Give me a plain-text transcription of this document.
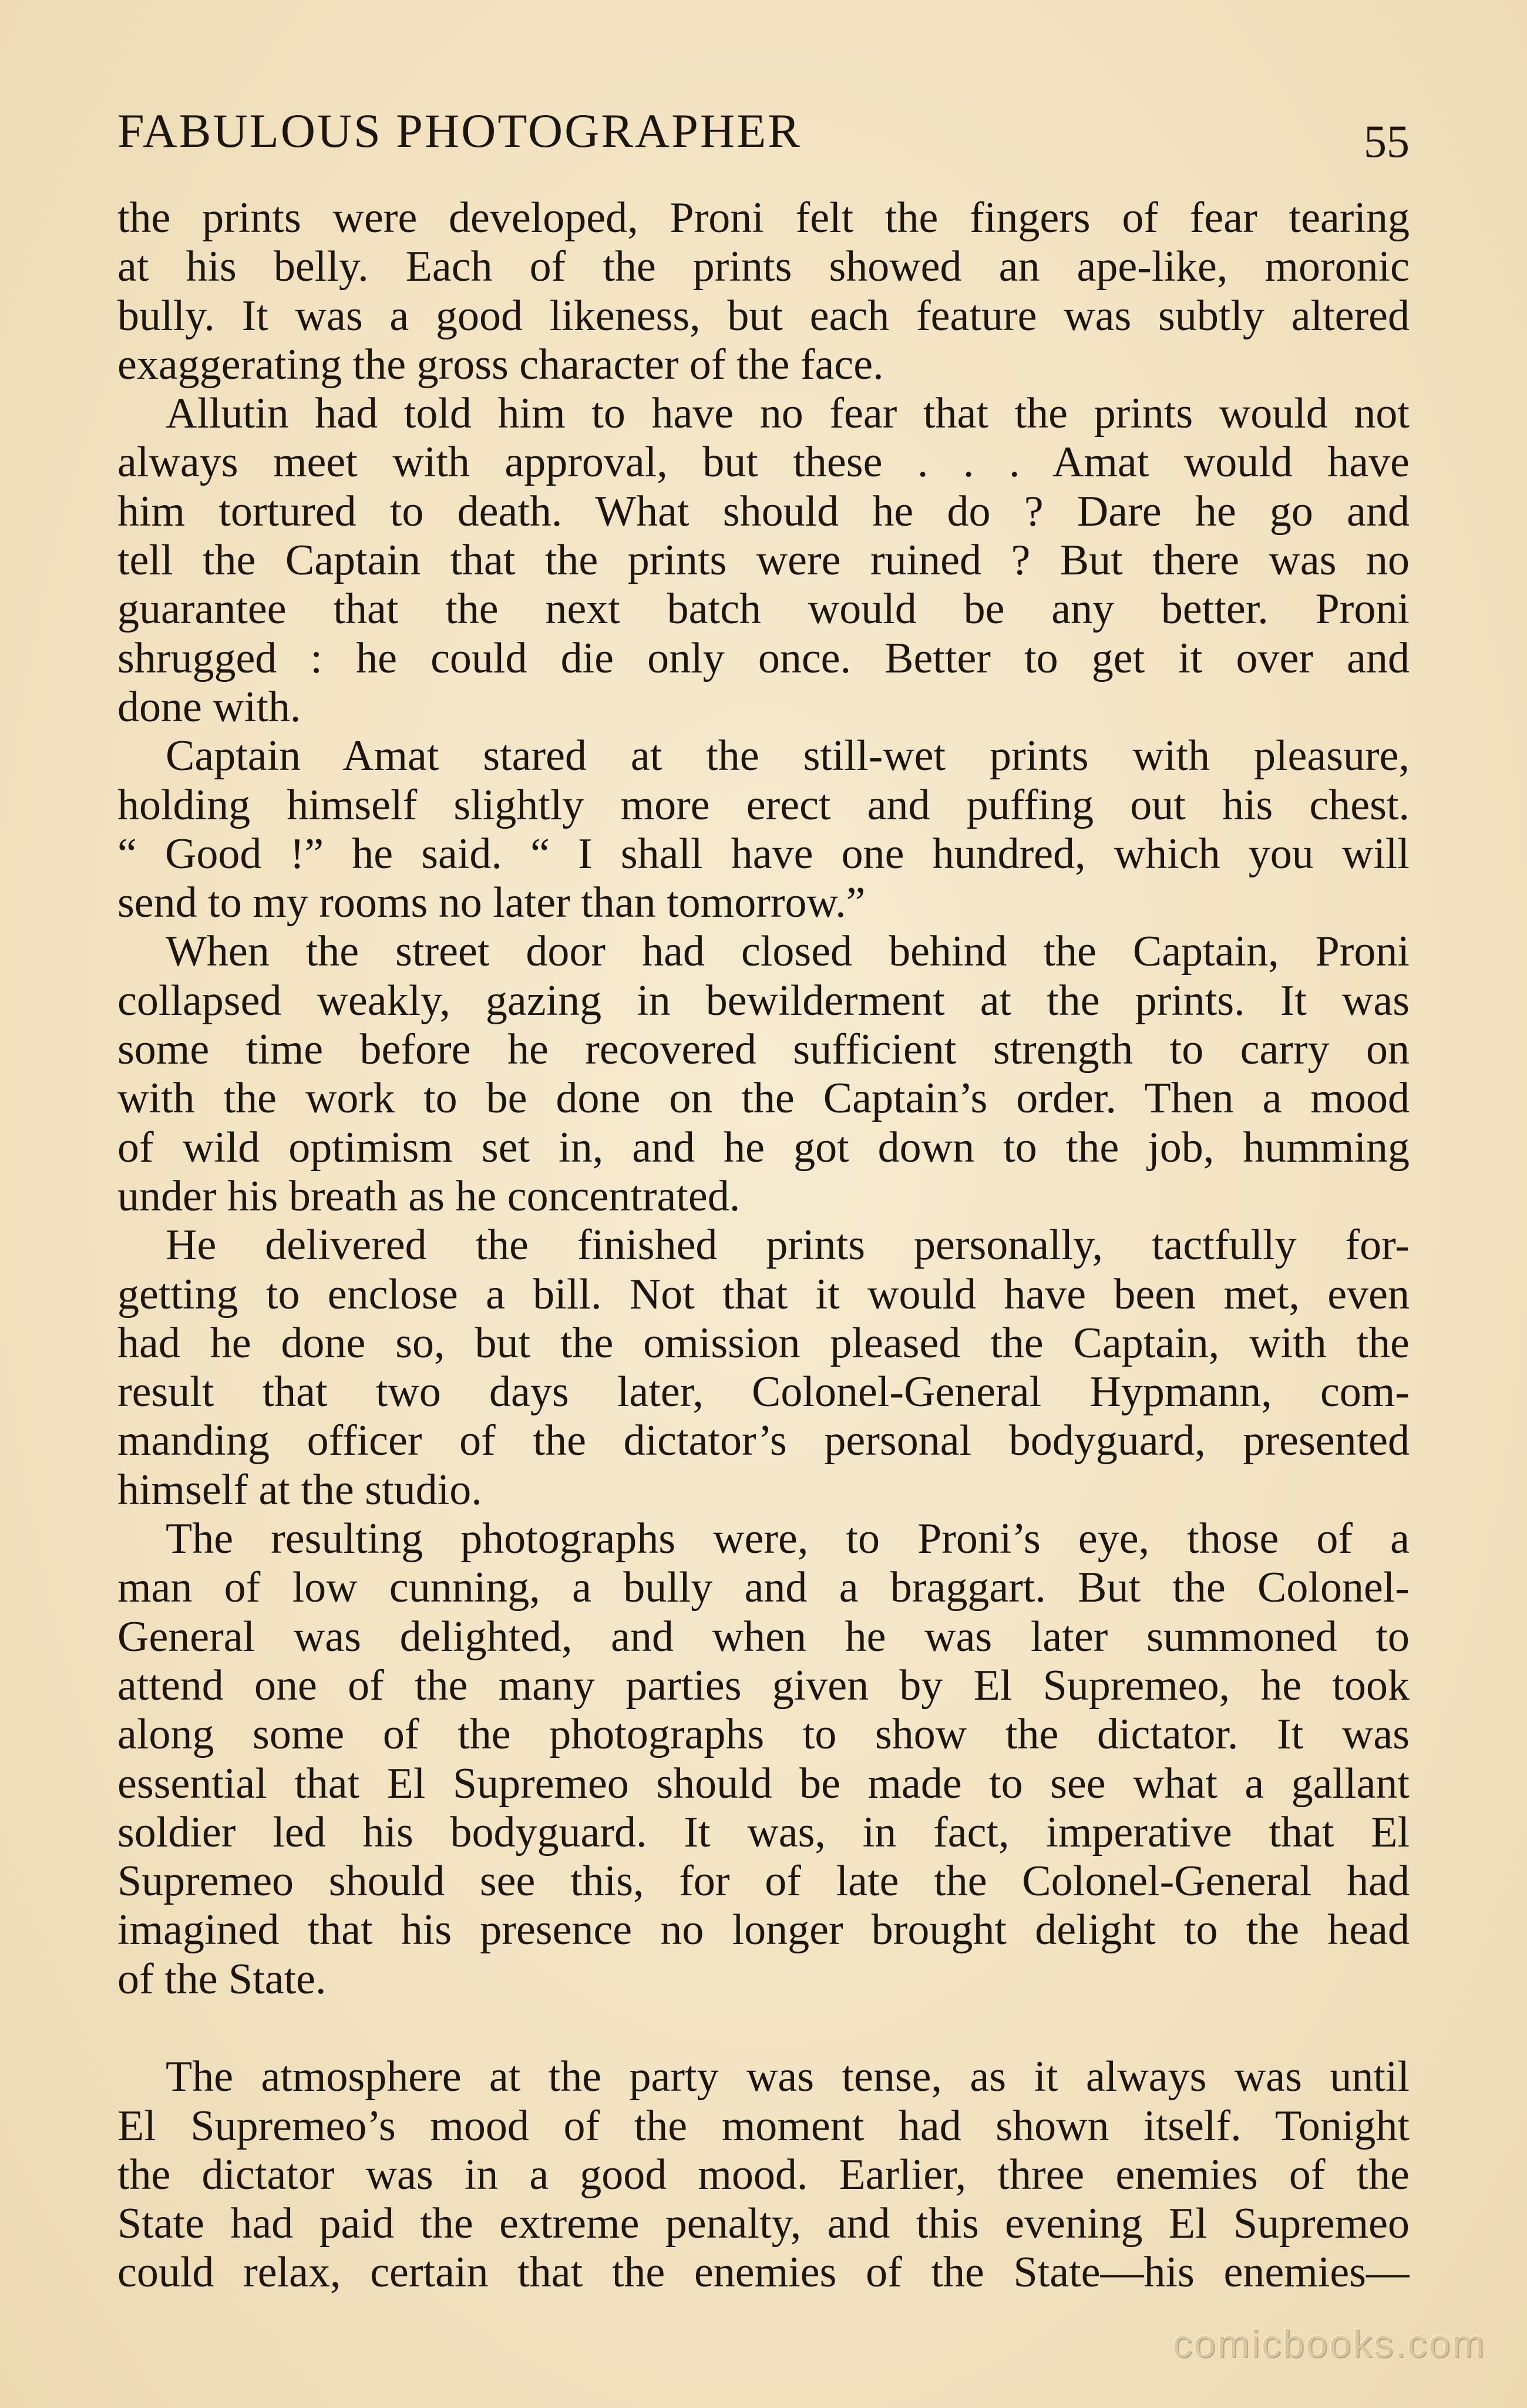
FABULOUS PHOTOGRAPHER	55
the prints were developed, Proni felt the fingers of fear tearing
at his belly. Each of the prints showed an ape-like, moronic
bully. It was a good likeness, but each feature was subtly altered
exaggerating the gross character of the face.
Allutin had told him to have no fear that the prints would not
always meet with approval, but these . . . Amat would have
him tortured to death. What should he do ? Dare he go and
tell the Captain that the prints were ruined ? But there was no
guarantee that the next batch would be any better. Proni
shrugged : he could die only once. Better to get it over and
done with.
Captain Amat stared at the still-wet prints with pleasure,
holding himself slightly more erect and puffing out his chest.
“ Good !” he said. “ I shall have one hundred, which you will
send to my rooms no later than tomorrow.”
When the street door had closed behind the Captain, Proni
collapsed weakly, gazing in bewilderment at the prints. It was
some time before he recovered sufficient strength to carry on
with the work to be done on the Captain’s order. Then a mood
of wild optimism set in, and he got down to the job, humming
under his breath as he concentrated.
He delivered the finished prints personally, tactfully for-
getting to enclose a bill. Not that it would have been met, even
had he done so, but the omission pleased the Captain, with the
result that two days later, Colonel-General Hypmann, com-
manding officer of the dictator’s personal bodyguard, presented
himself at the studio.
The resulting photographs were, to Proni’s eye, those of a
man of low cunning, a bully and a braggart. But the Colonel-
General was delighted, and when he was later summoned to
attend one of the many parties given by El Supremeo, he took
along some of the photographs to show the dictator. It was
essential that El Supremeo should be made to see what a gallant
soldier led his bodyguard. It was, in fact, imperative that El
Supremeo should see this, for of late the Colonel-General had
imagined that his presence no longer brought delight to the head
of the State.
The atmosphere at the party was tense, as it always was until
El Supremeo’s mood of the moment had shown itself. Tonight
the dictator was in a good mood. Earlier, three enemies of the
State had paid the extreme penalty, and this evening El Supremeo
could relax, certain that the enemies of the State—his enemies—
comicbooks.com
